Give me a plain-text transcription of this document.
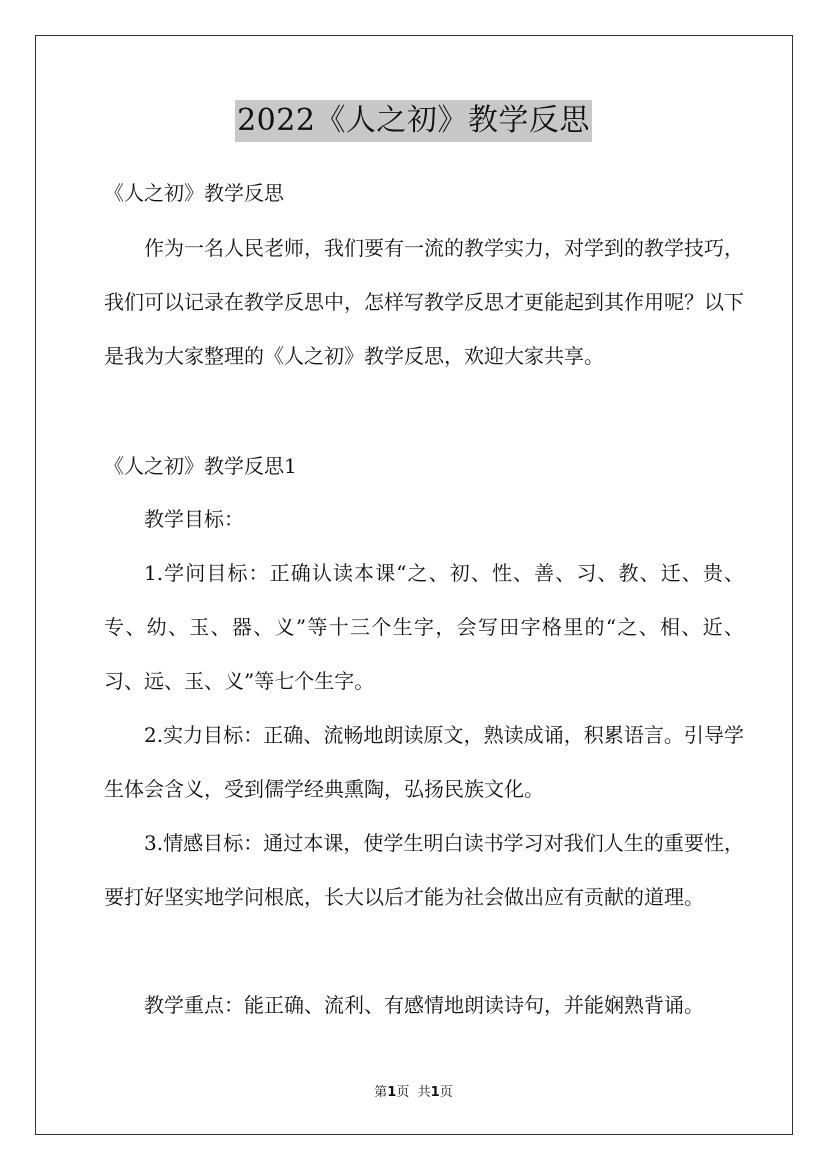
2022《人之初》教学反思

《人之初》教学反思

作为一名人民老师，我们要有一流的教学实力，对学到的教学技巧，我们可以记录在教学反思中，怎样写教学反思才更能起到其作用呢？以下是我为大家整理的《人之初》教学反思，欢迎大家共享。

《人之初》教学反思1

教学目标：

1.学问目标：正确认读本课“之、初、性、善、习、教、迁、贵、专、幼、玉、器、义”等十三个生字，会写田字格里的“之、相、近、习、远、玉、义”等七个生字。

2.实力目标：正确、流畅地朗读原文，熟读成诵，积累语言。引导学生体会含义，受到儒学经典熏陶，弘扬民族文化。

3.情感目标：通过本课，使学生明白读书学习对我们人生的重要性，要打好坚实地学问根底，长大以后才能为社会做出应有贡献的道理。

教学重点：能正确、流利、有感情地朗读诗句，并能娴熟背诵。

第1页 共1页
